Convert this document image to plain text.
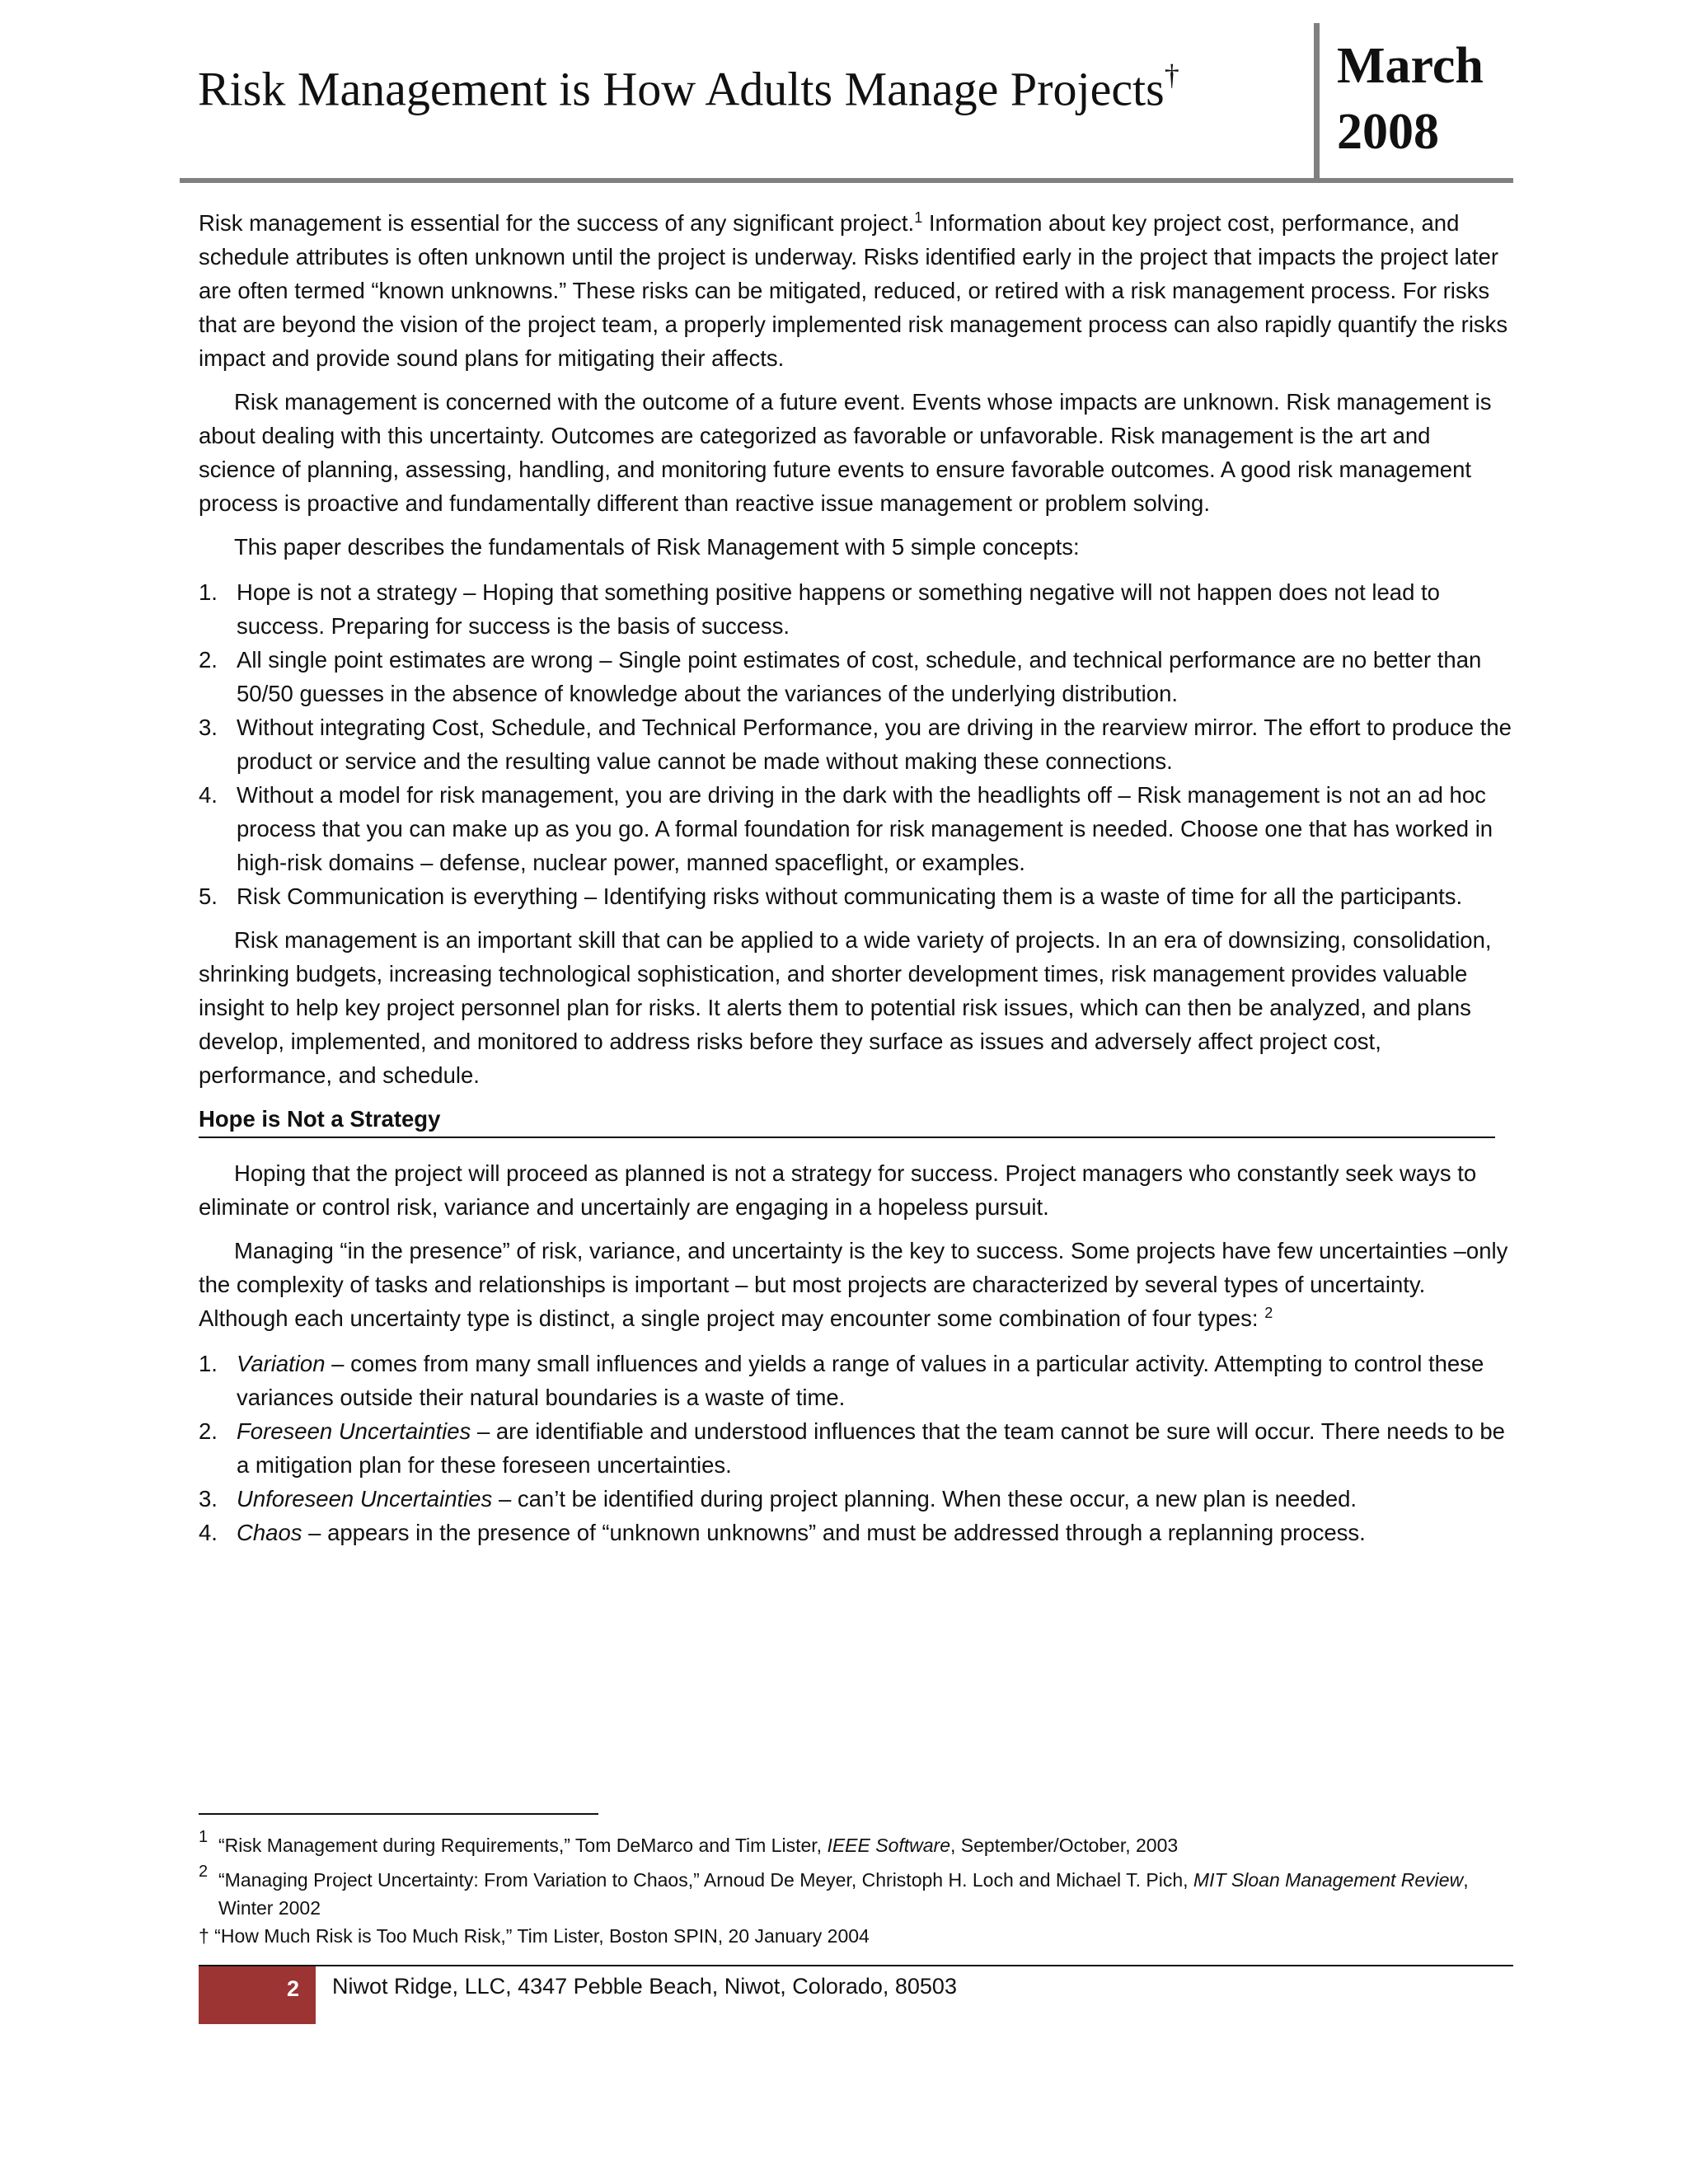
Risk Management is How Adults Manage Projects†	March
2008

Risk management is essential for the success of any significant project.$^1$ Information about key project cost, performance, and schedule attributes is often unknown until the project is underway. Risks identified early in the project that impacts the project later are often termed “known unknowns.” These risks can be mitigated, reduced, or retired with a risk management process. For risks that are beyond the vision of the project team, a properly implemented risk management process can also rapidly quantify the risks impact and provide sound plans for mitigating their affects.

Risk management is concerned with the outcome of a future event. Events whose impacts are unknown. Risk management is about dealing with this uncertainty. Outcomes are categorized as favorable or unfavorable. Risk management is the art and science of planning, assessing, handling, and monitoring future events to ensure favorable outcomes. A good risk management process is proactive and fundamentally different than reactive issue management or problem solving.

This paper describes the fundamentals of Risk Management with 5 simple concepts:

1. Hope is not a strategy – Hoping that something positive happens or something negative will not happen does not lead to success. Preparing for success is the basis of success.
2. All single point estimates are wrong – Single point estimates of cost, schedule, and technical performance are no better than 50/50 guesses in the absence of knowledge about the variances of the underlying distribution.
3. Without integrating Cost, Schedule, and Technical Performance, you are driving in the rearview mirror. The effort to produce the product or service and the resulting value cannot be made without making these connections.
4. Without a model for risk management, you are driving in the dark with the headlights off – Risk management is not an ad hoc process that you can make up as you go. A formal foundation for risk management is needed. Choose one that has worked in high-risk domains – defense, nuclear power, manned spaceflight, or examples.
5. Risk Communication is everything – Identifying risks without communicating them is a waste of time for all the participants.

Risk management is an important skill that can be applied to a wide variety of projects. In an era of downsizing, consolidation, shrinking budgets, increasing technological sophistication, and shorter development times, risk management provides valuable insight to help key project personnel plan for risks. It alerts them to potential risk issues, which can then be analyzed, and plans develop, implemented, and monitored to address risks before they surface as issues and adversely affect project cost, performance, and schedule.

Hope is Not a Strategy

Hoping that the project will proceed as planned is not a strategy for success. Project managers who constantly seek ways to eliminate or control risk, variance and uncertainly are engaging in a hopeless pursuit.

Managing “in the presence” of risk, variance, and uncertainty is the key to success. Some projects have few uncertainties –only the complexity of tasks and relationships is important – but most projects are characterized by several types of uncertainty. Although each uncertainty type is distinct, a single project may encounter some combination of four types: $^2$

1. Variation – comes from many small influences and yields a range of values in a particular activity. Attempting to control these variances outside their natural boundaries is a waste of time.
2. Foreseen Uncertainties – are identifiable and understood influences that the team cannot be sure will occur. There needs to be a mitigation plan for these foreseen uncertainties.
3. Unforeseen Uncertainties – can’t be identified during project planning. When these occur, a new plan is needed.
4. Chaos – appears in the presence of “unknown unknowns” and must be addressed through a replanning process.
1 “Risk Management during Requirements,” Tom DeMarco and Tim Lister, IEEE Software, September/October, 2003
2 “Managing Project Uncertainty: From Variation to Chaos,” Arnoud De Meyer, Christoph H. Loch and Michael T. Pich, MIT Sloan Management Review, Winter 2002
† “How Much Risk is Too Much Risk,” Tim Lister, Boston SPIN, 20 January 2004
2	Niwot Ridge, LLC, 4347 Pebble Beach, Niwot, Colorado, 80503
